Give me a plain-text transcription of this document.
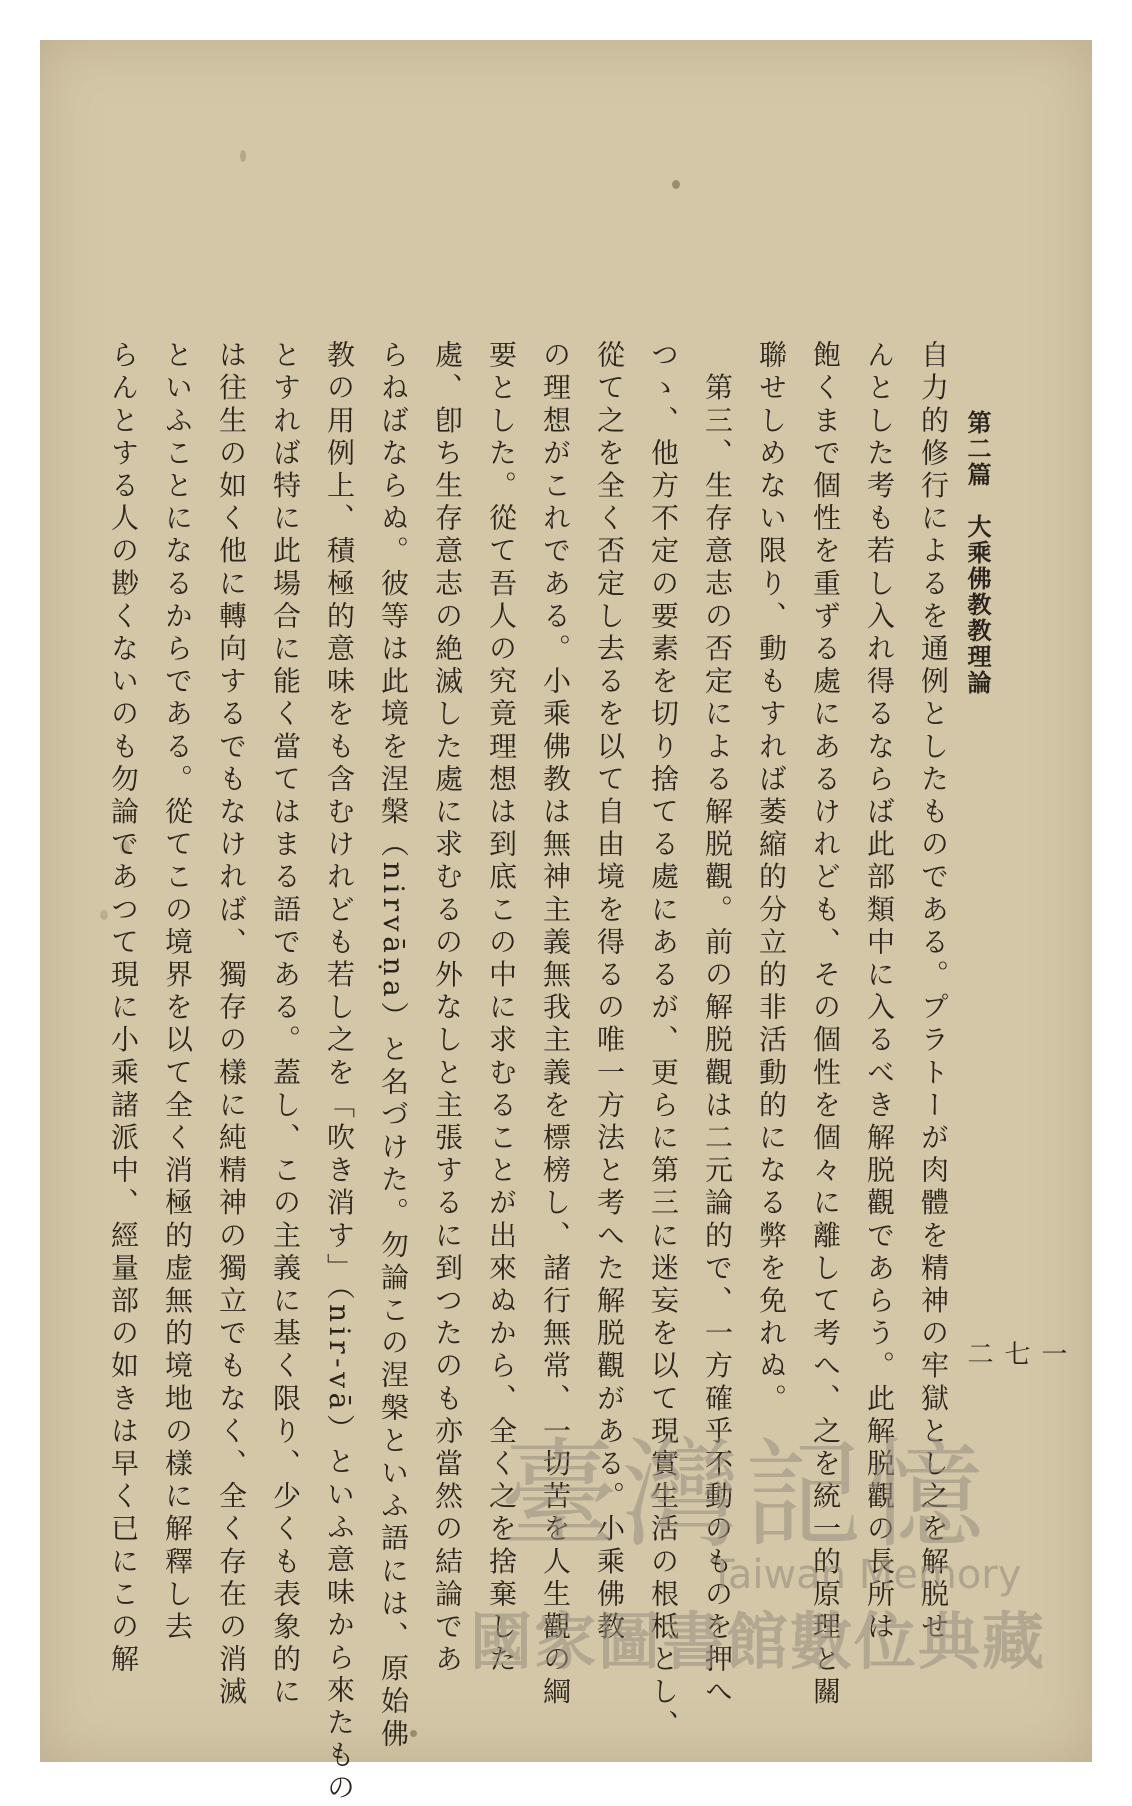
第二篇　大乘佛教教理論
一七二
自力的修行によるを通例としたものである。プラトーが肉體を精神の牢獄とし之を解脱せ
んとした考も若し入れ得るならば此部類中に入るべき解脱觀であらう。此解脱觀の長所は
飽くまで個性を重ずる處にあるけれども、その個性を個々に離して考へ、之を統一的原理と關
聯せしめない限り、動もすれば萎縮的分立的非活動的になる弊を免れぬ。
　第三、生存意志の否定による解脱觀。前の解脱觀は二元論的で、一方確乎不動のものを押へ
つゝ、他方不定の要素を切り捨てる處にあるが、更らに第三に迷妄を以て現實生活の根柢とし、
從て之を全く否定し去るを以て自由境を得るの唯一方法と考へた解脱觀がある。小乘佛教
の理想がこれである。小乘佛教は無神主義無我主義を標榜し、諸行無常、一切苦を人生觀の綱
要とした。從て吾人の究竟理想は到底この中に求むることが出來ぬから、全く之を捨棄した
處、卽ち生存意志の絶滅した處に求むるの外なしと主張するに到つたのも亦當然の結論であ
らねばならぬ。彼等は此境を涅槃（nirvāṇa）と名づけた。勿論この涅槃といふ語には、原始佛
教の用例上、積極的意味をも含むけれども若し之を「吹き消す」（nir-vā）といふ意味から來たもの
とすれば特に此場合に能く當てはまる語である。蓋し、この主義に基く限り、少くも表象的に
は往生の如く他に轉向するでもなければ、獨存の樣に純精神の獨立でもなく、全く存在の消滅
といふことになるからである。從てこの境界を以て全く消極的虚無的境地の樣に解釋し去
らんとする人の尠くないのも勿論であつて現に小乘諸派中、經量部の如きは早く已にこの解	臺灣記憶
Taiwan Memory
國家圖書館數位典藏
